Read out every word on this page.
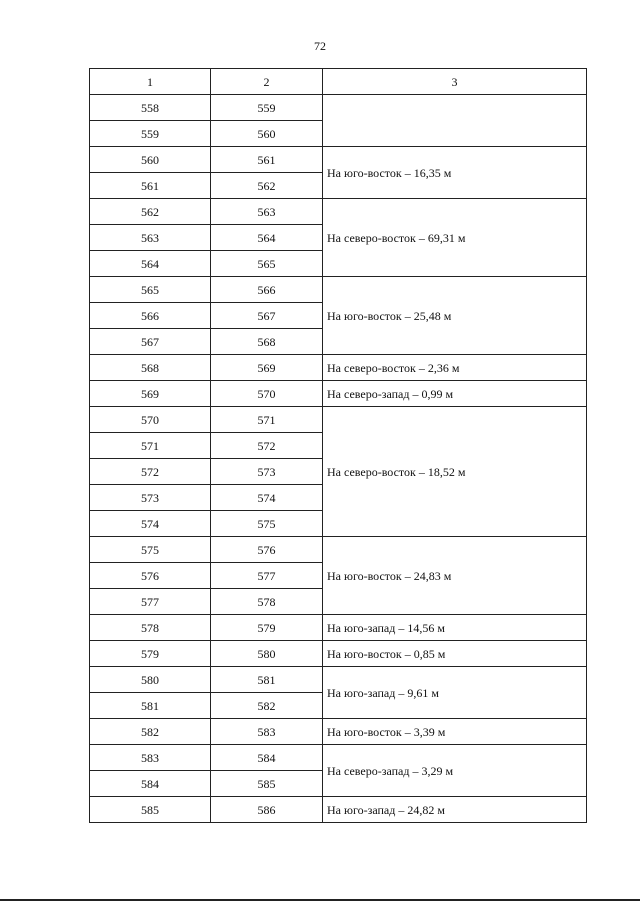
72
1	2	3
558	559	
559	560	
560	561	На юго-восток – 16,35 м
561	562	
562	563	На северо-восток – 69,31 м
563	564	
564	565	
565	566	На юго-восток – 25,48 м
566	567	
567	568	
568	569	На северо-восток – 2,36 м
569	570	На северо-запад – 0,99 м
570	571	На северо-восток – 18,52 м
571	572	
572	573	
573	574	
574	575	
575	576	На юго-восток – 24,83 м
576	577	
577	578	
578	579	На юго-запад – 14,56 м
579	580	На юго-восток – 0,85 м
580	581	На юго-запад – 9,61 м
581	582	
582	583	На юго-восток – 3,39 м
583	584	На северо-запад – 3,29 м
584	585	
585	586	На юго-запад – 24,82 м
